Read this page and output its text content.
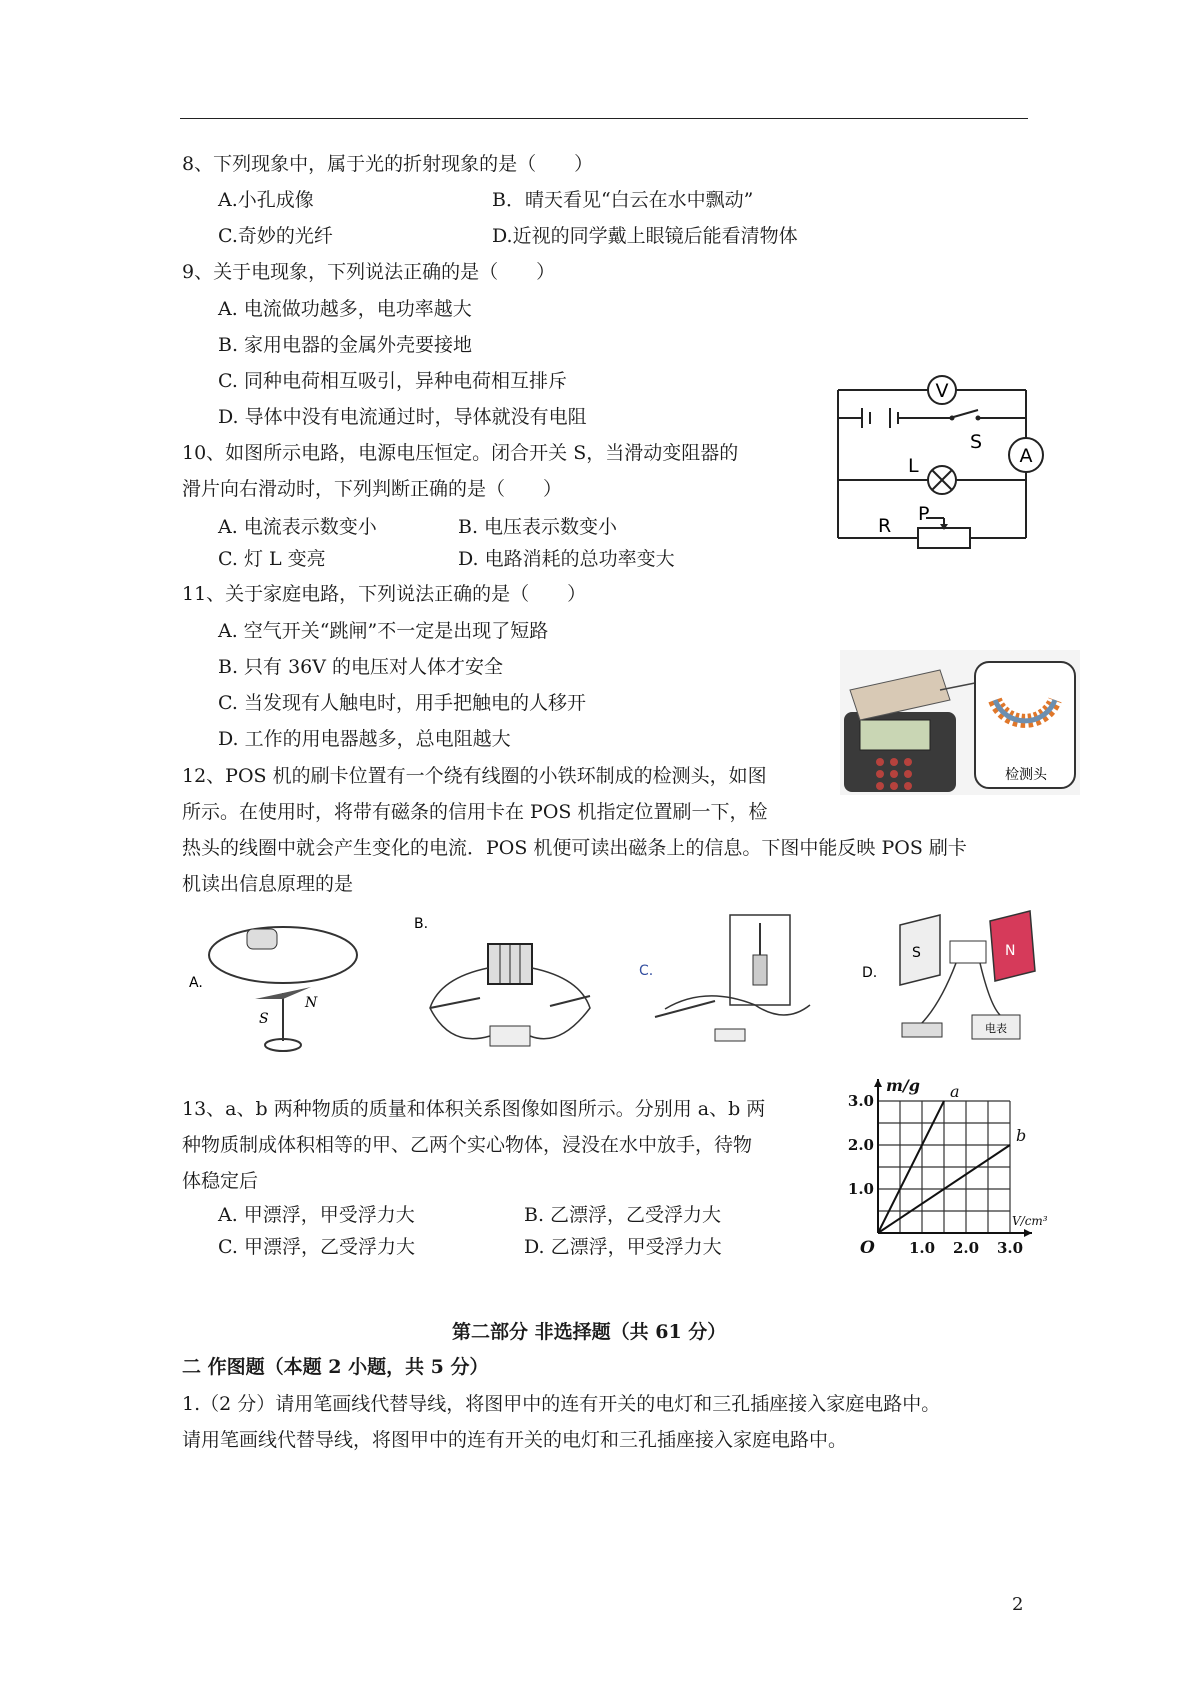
8、下列现象中，属于光的折射现象的是（　　）
A.小孔成像	B．晴天看见“白云在水中飘动”
C.奇妙的光纤	D.近视的同学戴上眼镜后能看清物体
9、关于电现象，下列说法正确的是（　　）
A. 电流做功越多，电功率越大
B. 家用电器的金属外壳要接地
C. 同种电荷相互吸引，异种电荷相互排斥
D. 导体中没有电流通过时，导体就没有电阻
10、如图所示电路，电源电压恒定。闭合开关 S，当滑动变阻器的
滑片向右滑动时，下列判断正确的是（　　）
A. 电流表示数变小	B. 电压表示数变小
C. 灯 L 变亮	D. 电路消耗的总功率变大
V
A
S
L
R
P
11、关于家庭电路，下列说法正确的是（　　）
A. 空气开关“跳闸”不一定是出现了短路
B. 只有 36V 的电压对人体才安全
C. 当发现有人触电时，用手把触电的人移开
D. 工作的用电器越多，总电阻越大
检测头
12、POS 机的刷卡位置有一个绕有线圈的小铁环制成的检测头，如图
所示。在使用时，将带有磁条的信用卡在 POS 机指定位置刷一下，检
热头的线圈中就会产生变化的电流．POS 机便可读出磁条上的信息。下图中能反映 POS 刷卡
机读出信息原理的是
A.
S
N
B.
C.	D.
S	N
电表
13、a、b 两种物质的质量和体积关系图像如图所示。分别用 a、b 两
种物质制成体积相等的甲、乙两个实心物体，浸没在水中放手，待物
体稳定后
A. 甲漂浮，甲受浮力大	B. 乙漂浮，乙受浮力大
C. 甲漂浮，乙受浮力大	D. 乙漂浮，甲受浮力大
a
b
1.0 2.0 3.0
1.0
2.0
3.0
O
m/g
V/cm³
第二部分 非选择题（共 61 分）
二 作图题（本题 2 小题，共 5 分）
1.（2 分）请用笔画线代替导线，将图甲中的连有开关的电灯和三孔插座接入家庭电路中。
请用笔画线代替导线，将图甲中的连有开关的电灯和三孔插座接入家庭电路中。
2
